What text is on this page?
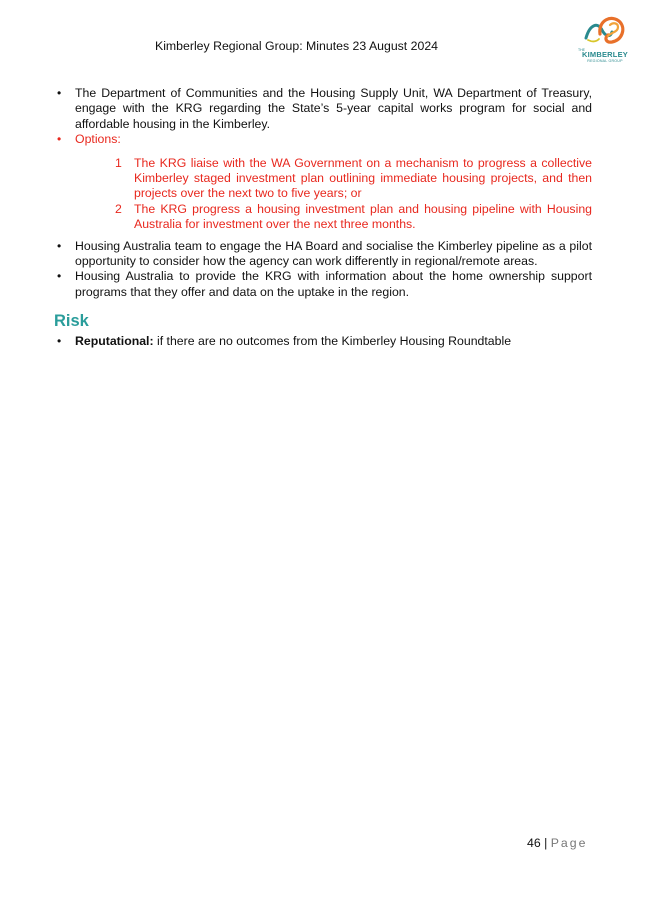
Kimberley Regional Group: Minutes 23 August 2024	THE
KIMBERLEY
REGIONAL GROUP
• The Department of Communities and the Housing Supply Unit, WA Department of Treasury, engage with the KRG regarding the State’s 5-year capital works program for social and affordable housing in the Kimberley.
• Options:
1 The KRG liaise with the WA Government on a mechanism to progress a collective Kimberley staged investment plan outlining immediate housing projects, and then projects over the next two to five years; or
2 The KRG progress a housing investment plan and housing pipeline with Housing Australia for investment over the next three months.
• Housing Australia team to engage the HA Board and socialise the Kimberley pipeline as a pilot opportunity to consider how the agency can work differently in regional/remote areas.
• Housing Australia to provide the KRG with information about the home ownership support programs that they offer and data on the uptake in the region.
Risk
• Reputational: if there are no outcomes from the Kimberley Housing Roundtable
46 | Page
